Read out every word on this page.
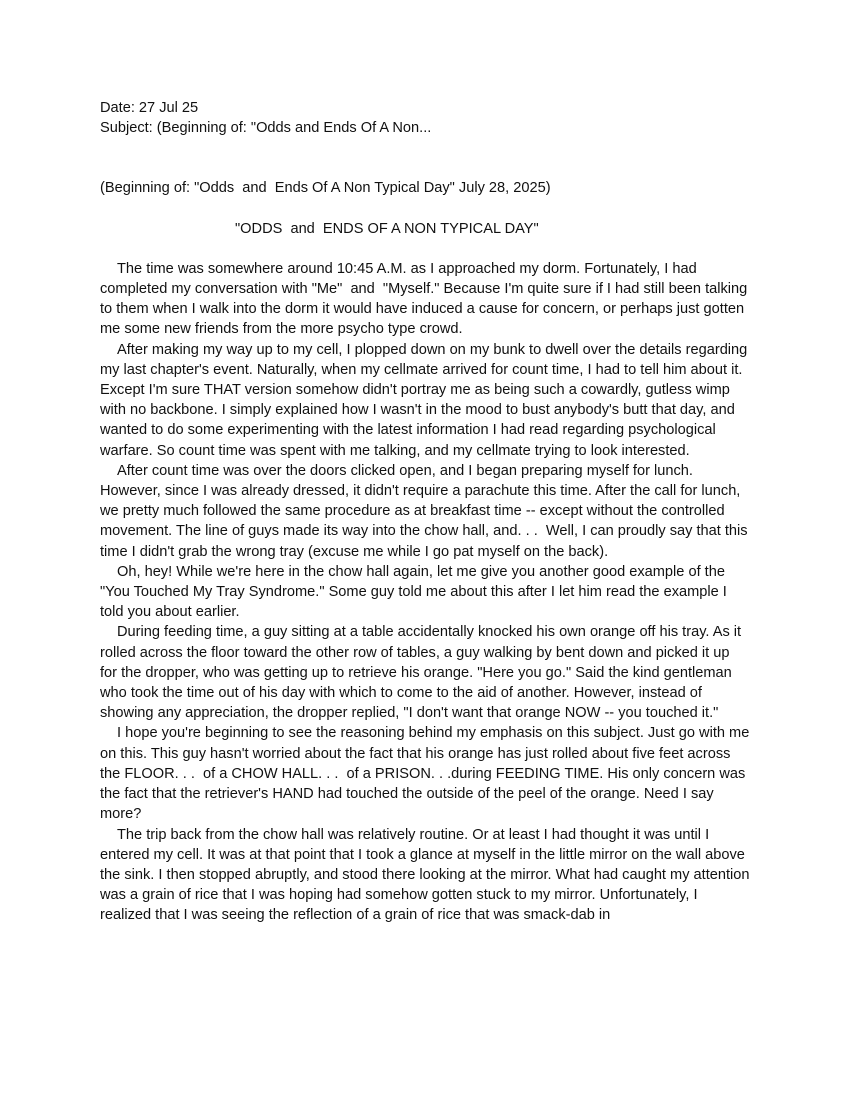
Date: 27 Jul 25
Subject: (Beginning of: "Odds and Ends Of A Non...
(Beginning of: "Odds  and  Ends Of A Non Typical Day" July 28, 2025)
"ODDS  and  ENDS OF A NON TYPICAL DAY"

The time was somewhere around 10:45 A.M. as I approached my dorm. Fortunately, I had completed my conversation with "Me"  and  "Myself." Because I'm quite sure if I had still been talking to them when I walk into the dorm it would have induced a cause for concern, or perhaps just gotten me some new friends from the more psycho type crowd.

After making my way up to my cell, I plopped down on my bunk to dwell over the details regarding my last chapter's event. Naturally, when my cellmate arrived for count time, I had to tell him about it. Except I'm sure THAT version somehow didn't portray me as being such a cowardly, gutless wimp with no backbone. I simply explained how I wasn't in the mood to bust anybody's butt that day, and wanted to do some experimenting with the latest information I had read regarding psychological warfare. So count time was spent with me talking, and my cellmate trying to look interested.

After count time was over the doors clicked open, and I began preparing myself for lunch. However, since I was already dressed, it didn't require a parachute this time. After the call for lunch, we pretty much followed the same procedure as at breakfast time -- except without the controlled movement. The line of guys made its way into the chow hall, and. . .  Well, I can proudly say that this time I didn't grab the wrong tray (excuse me while I go pat myself on the back).

Oh, hey! While we're here in the chow hall again, let me give you another good example of the "You Touched My Tray Syndrome." Some guy told me about this after I let him read the example I told you about earlier.

During feeding time, a guy sitting at a table accidentally knocked his own orange off his tray. As it rolled across the floor toward the other row of tables, a guy walking by bent down and picked it up for the dropper, who was getting up to retrieve his orange. "Here you go." Said the kind gentleman who took the time out of his day with which to come to the aid of another. However, instead of showing any appreciation, the dropper replied, "I don't want that orange NOW -- you touched it."

I hope you're beginning to see the reasoning behind my emphasis on this subject. Just go with me on this. This guy hasn't worried about the fact that his orange has just rolled about five feet across the FLOOR. . .  of a CHOW HALL. . .  of a PRISON. . .during FEEDING TIME. His only concern was the fact that the retriever's HAND had touched the outside of the peel of the orange. Need I say more?

The trip back from the chow hall was relatively routine. Or at least I had thought it was until I entered my cell. It was at that point that I took a glance at myself in the little mirror on the wall above the sink. I then stopped abruptly, and stood there looking at the mirror. What had caught my attention was a grain of rice that I was hoping had somehow gotten stuck to my mirror. Unfortunately, I realized that I was seeing the reflection of a grain of rice that was smack-dab in
